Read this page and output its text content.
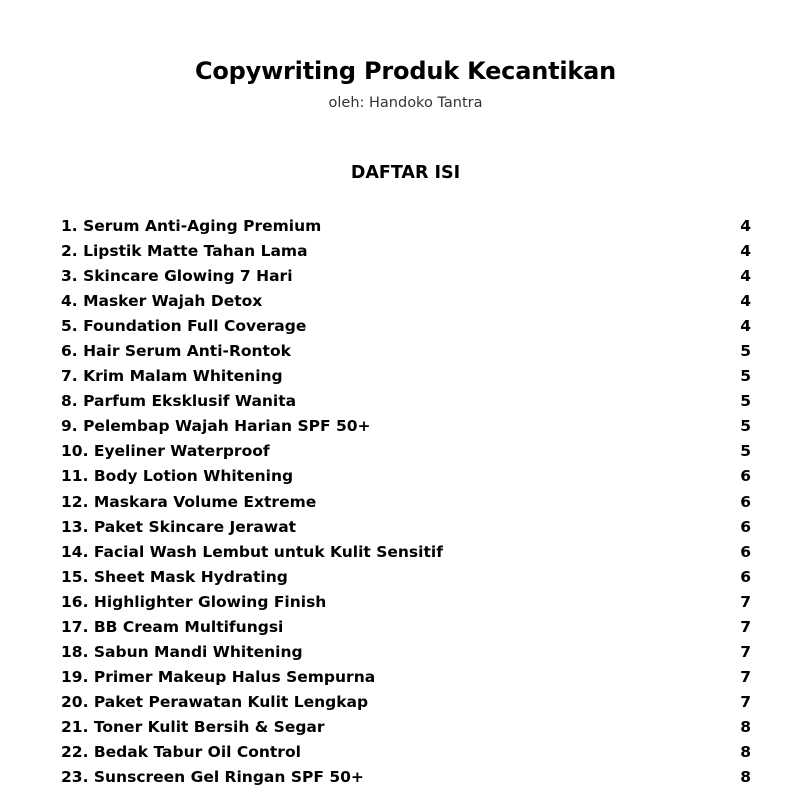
Copywriting Produk Kecantikan

oleh: Handoko Tantra

DAFTAR ISI
1. Serum Anti-Aging Premium	4
2. Lipstik Matte Tahan Lama	4
3. Skincare Glowing 7 Hari	4
4. Masker Wajah Detox	4
5. Foundation Full Coverage	4
6. Hair Serum Anti-Rontok	5
7. Krim Malam Whitening	5
8. Parfum Eksklusif Wanita	5
9. Pelembap Wajah Harian SPF 50+	5
10. Eyeliner Waterproof	5
11. Body Lotion Whitening	6
12. Maskara Volume Extreme	6
13. Paket Skincare Jerawat	6
14. Facial Wash Lembut untuk Kulit Sensitif	6
15. Sheet Mask Hydrating	6
16. Highlighter Glowing Finish	7
17. BB Cream Multifungsi	7
18. Sabun Mandi Whitening	7
19. Primer Makeup Halus Sempurna	7
20. Paket Perawatan Kulit Lengkap	7
21. Toner Kulit Bersih & Segar	8
22. Bedak Tabur Oil Control	8
23. Sunscreen Gel Ringan SPF 50+	8
